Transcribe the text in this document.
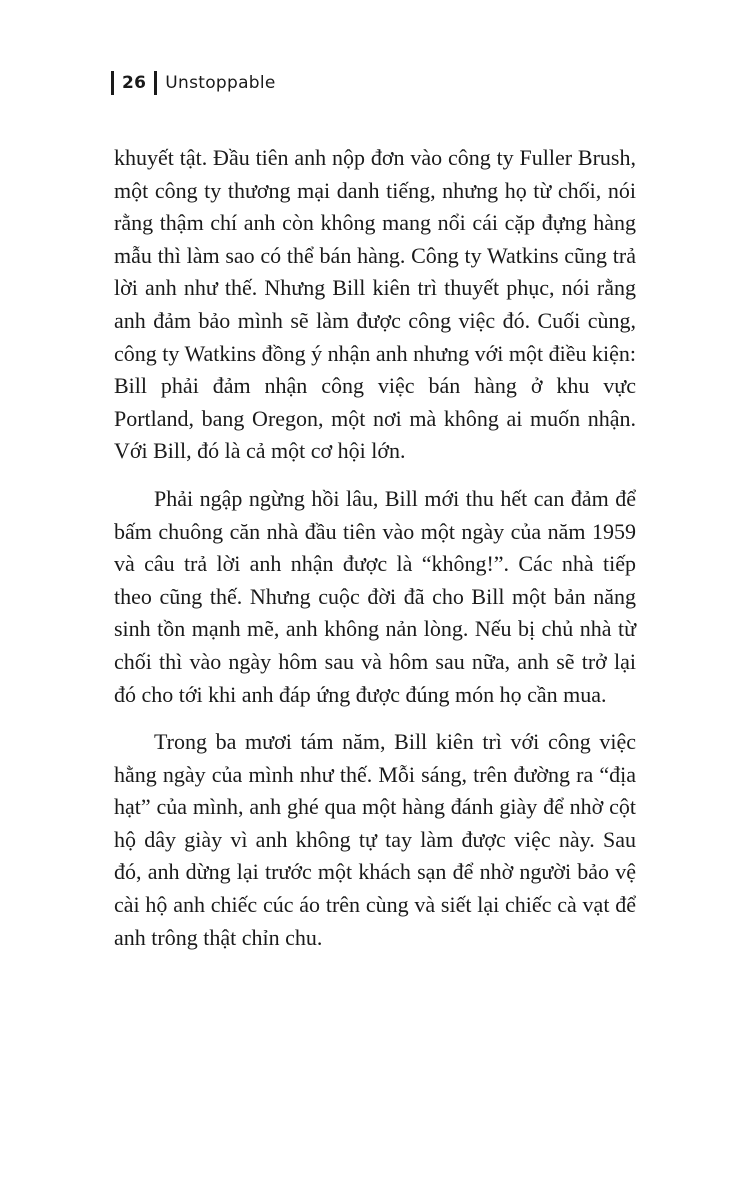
26 Unstoppable

khuyết tật. Đầu tiên anh nộp đơn vào công ty Fuller Brush, một công ty thương mại danh tiếng, nhưng họ từ chối, nói rằng thậm chí anh còn không mang nổi cái cặp đựng hàng mẫu thì làm sao có thể bán hàng. Công ty Watkins cũng trả lời anh như thế. Nhưng Bill kiên trì thuyết phục, nói rằng anh đảm bảo mình sẽ làm được công việc đó. Cuối cùng, công ty Watkins đồng ý nhận anh nhưng với một điều kiện: Bill phải đảm nhận công việc bán hàng ở khu vực Portland, bang Oregon, một nơi mà không ai muốn nhận. Với Bill, đó là cả một cơ hội lớn.

Phải ngập ngừng hồi lâu, Bill mới thu hết can đảm để bấm chuông căn nhà đầu tiên vào một ngày của năm 1959 và câu trả lời anh nhận được là “không!”. Các nhà tiếp theo cũng thế. Nhưng cuộc đời đã cho Bill một bản năng sinh tồn mạnh mẽ, anh không nản lòng. Nếu bị chủ nhà từ chối thì vào ngày hôm sau và hôm sau nữa, anh sẽ trở lại đó cho tới khi anh đáp ứng được đúng món họ cần mua.

Trong ba mươi tám năm, Bill kiên trì với công việc hằng ngày của mình như thế. Mỗi sáng, trên đường ra “địa hạt” của mình, anh ghé qua một hàng đánh giày để nhờ cột hộ dây giày vì anh không tự tay làm được việc này. Sau đó, anh dừng lại trước một khách sạn để nhờ người bảo vệ cài hộ anh chiếc cúc áo trên cùng và siết lại chiếc cà vạt để anh trông thật chỉn chu.
